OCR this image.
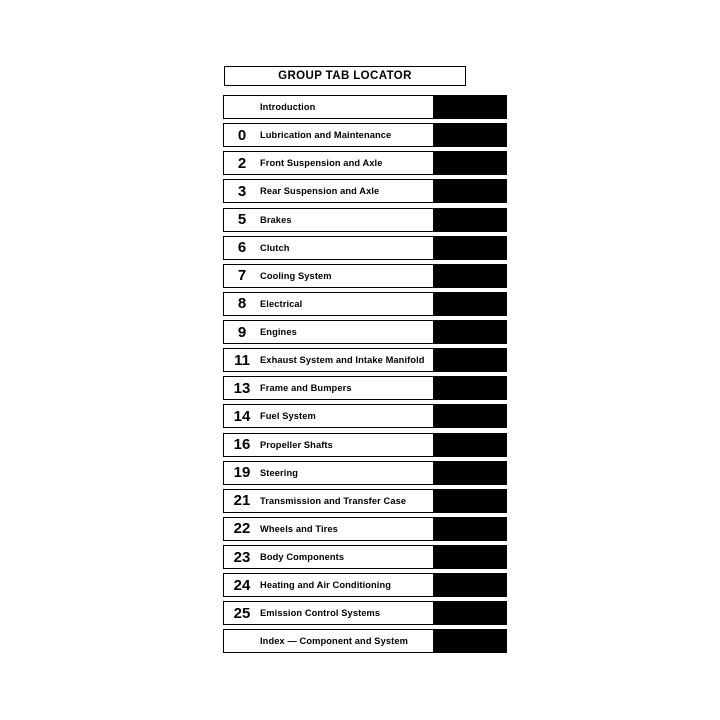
GROUP TAB LOCATOR
Introduction
0	Lubrication and Maintenance
2	Front Suspension and Axle
3	Rear Suspension and Axle
5	Brakes
6	Clutch
7	Cooling System
8	Electrical
9	Engines
11	Exhaust System and Intake Manifold
13	Frame and Bumpers
14	Fuel System
16	Propeller Shafts
19	Steering
21	Transmission and Transfer Case
22	Wheels and Tires
23	Body Components
24	Heating and Air Conditioning
25	Emission Control Systems
Index — Component and System
